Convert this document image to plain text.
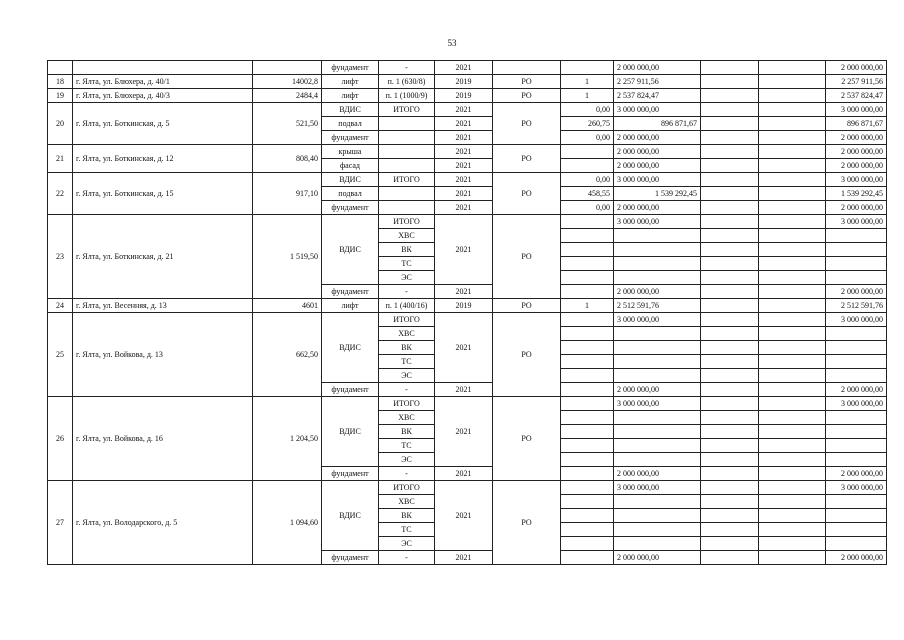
53
			фундамент	-	2021			2 000 000,00			2 000 000,00
18	г. Ялта, ул. Блюхера, д. 40/1	14002,8	лифт	п. 1 (630/8)	2019	РО	1	2 257 911,56			2 257 911,56
19	г. Ялта, ул. Блюхера, д. 40/3	2484,4	лифт	п. 1 (1000/9)	2019	РО	1	2 537 824,47			2 537 824,47
20	г. Ялта, ул. Боткинская, д. 5	521,50	ВДИС	ИТОГО	2021	РО	0,00	3 000 000,00			3 000 000,00
			подвал		2021		260,75	896 871,67			896 871,67
			фундамент		2021		0,00	2 000 000,00			2 000 000,00
21	г. Ялта, ул. Боткинская, д. 12	808,40	крыша		2021	РО		2 000 000,00			2 000 000,00
			фасад		2021			2 000 000,00			2 000 000,00
22	г. Ялта, ул. Боткинская, д. 15	917,10	ВДИС	ИТОГО	2021	РО	0,00	3 000 000,00			3 000 000,00
			подвал		2021		458,55	1 539 292,45			1 539 292,45
			фундамент		2021		0,00	2 000 000,00			2 000 000,00
23	г. Ялта, ул. Боткинская, д. 21	1 519,50	ВДИС	ИТОГО	2021	РО		3 000 000,00			3 000 000,00
				ХВС							
				ВК							
				ТС							
				ЭС							
			фундамент	-	2021			2 000 000,00			2 000 000,00
24	г. Ялта, ул. Весенняя, д. 13	4601	лифт	п. 1 (400/16)	2019	РО	1	2 512 591,76			2 512 591,76
25	г. Ялта, ул. Войкова, д. 13	662,50	ВДИС	ИТОГО	2021	РО		3 000 000,00			3 000 000,00
				ХВС							
				ВК							
				ТС							
				ЭС							
			фундамент	-	2021			2 000 000,00			2 000 000,00
26	г. Ялта, ул. Войкова, д. 16	1 204,50	ВДИС	ИТОГО	2021	РО		3 000 000,00			3 000 000,00
				ХВС							
				ВК							
				ТС							
				ЭС							
			фундамент	-	2021			2 000 000,00			2 000 000,00
27	г. Ялта, ул. Володарского, д. 5	1 094,60	ВДИС	ИТОГО	2021	РО		3 000 000,00			3 000 000,00
				ХВС							
				ВК							
				ТС							
				ЭС							
			фундамент	-	2021			2 000 000,00			2 000 000,00
